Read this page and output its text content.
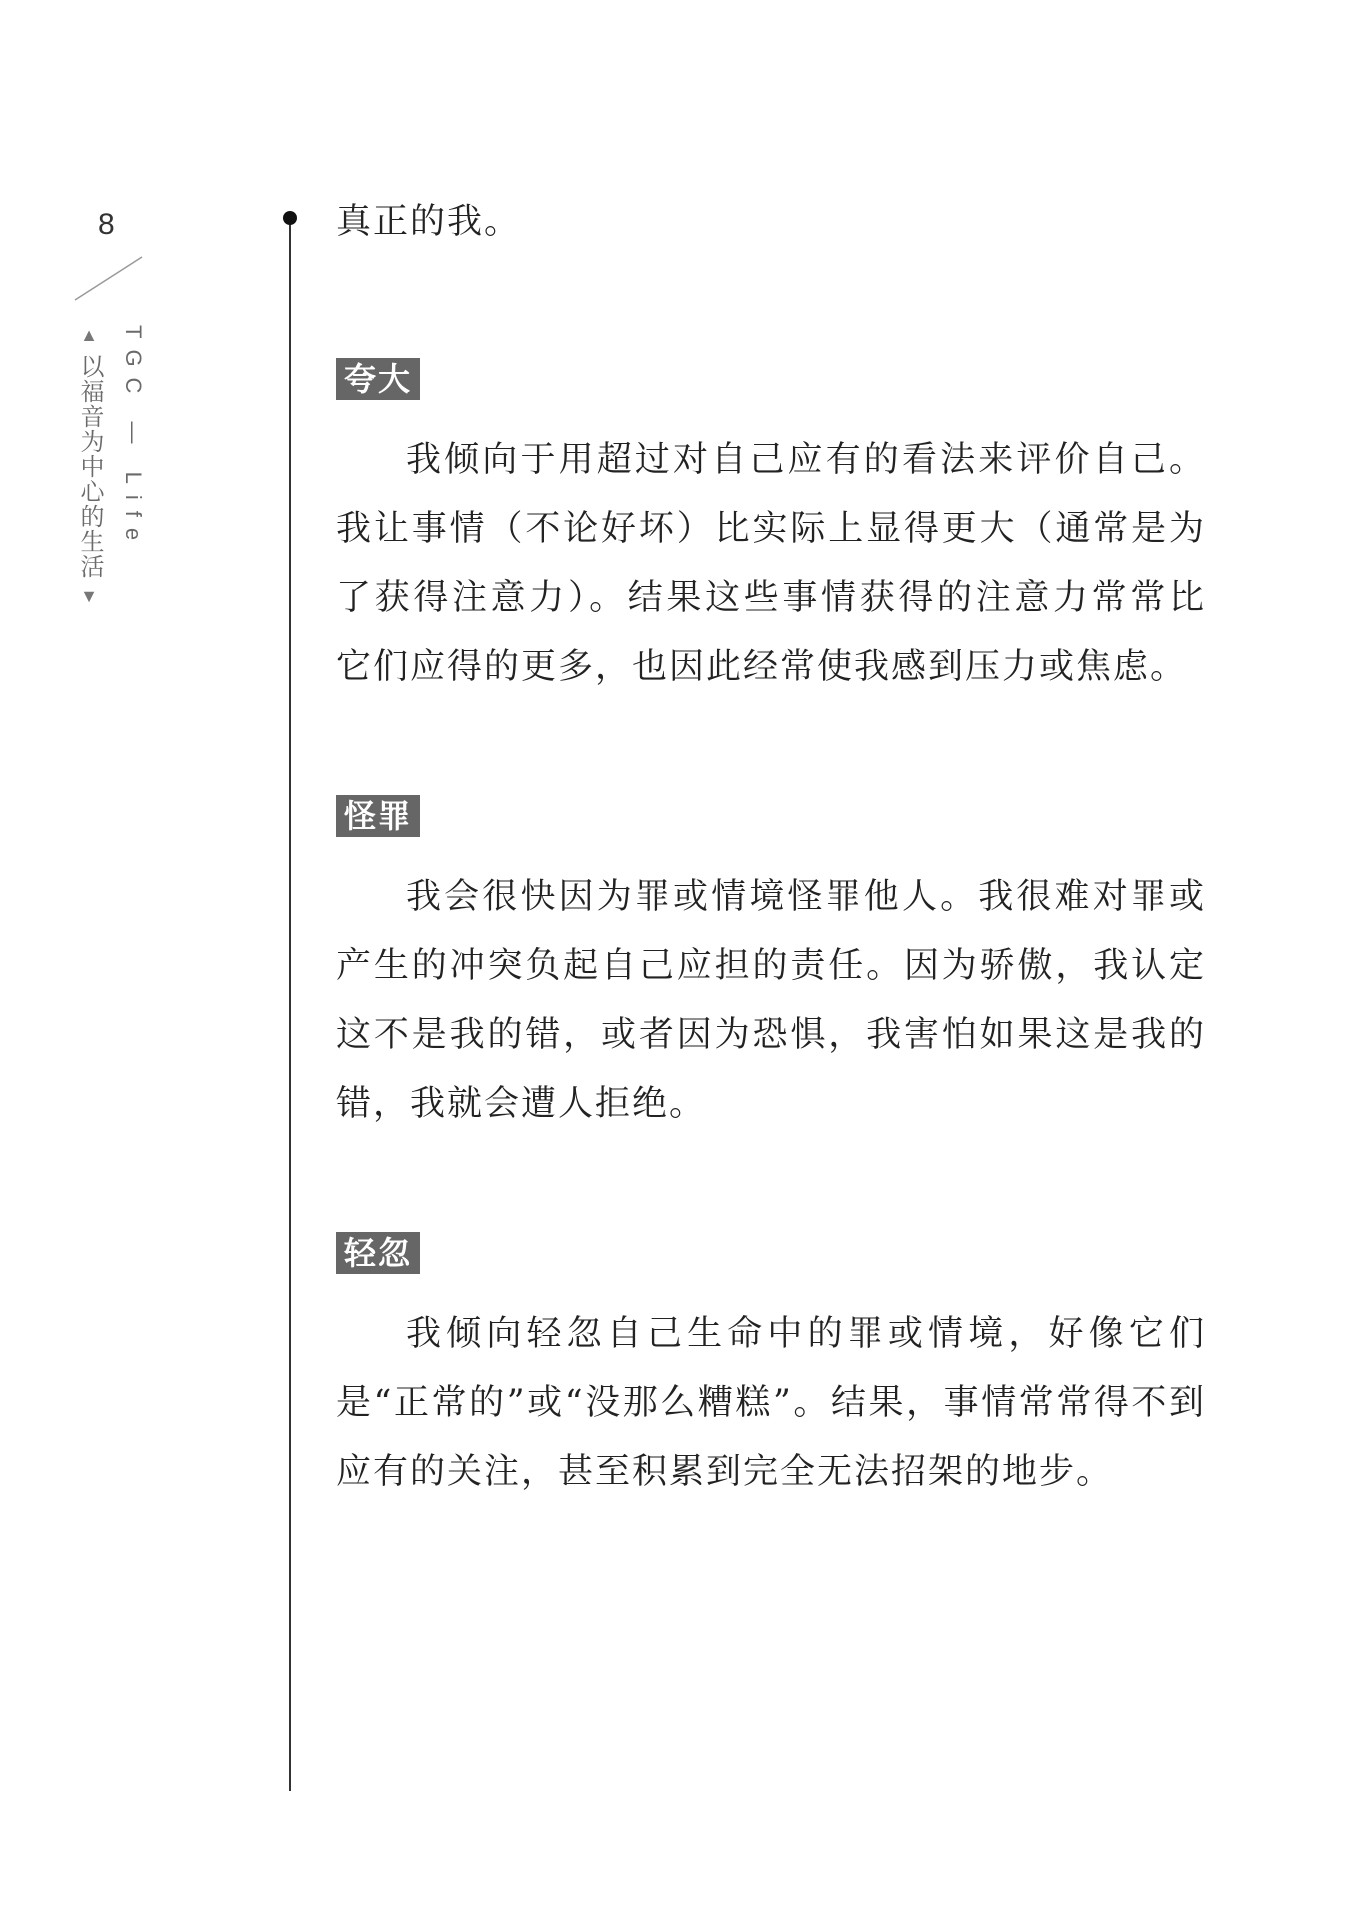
8
▲ 以福音为中心的生活 ▼
TGC — Life

真正的我。

夸大

我倾向于用超过对自己应有的看法来评价自己。我让事情（不论好坏）比实际上显得更大（通常是为了获得注意力）。结果这些事情获得的注意力常常比它们应得的更多，也因此经常使我感到压力或焦虑。

怪罪

我会很快因为罪或情境怪罪他人。我很难对罪或产生的冲突负起自己应担的责任。因为骄傲，我认定这不是我的错，或者因为恐惧，我害怕如果这是我的错，我就会遭人拒绝。

轻忽

我倾向轻忽自己生命中的罪或情境，好像它们是“正常的”或“没那么糟糕”。结果，事情常常得不到应有的关注，甚至积累到完全无法招架的地步。
